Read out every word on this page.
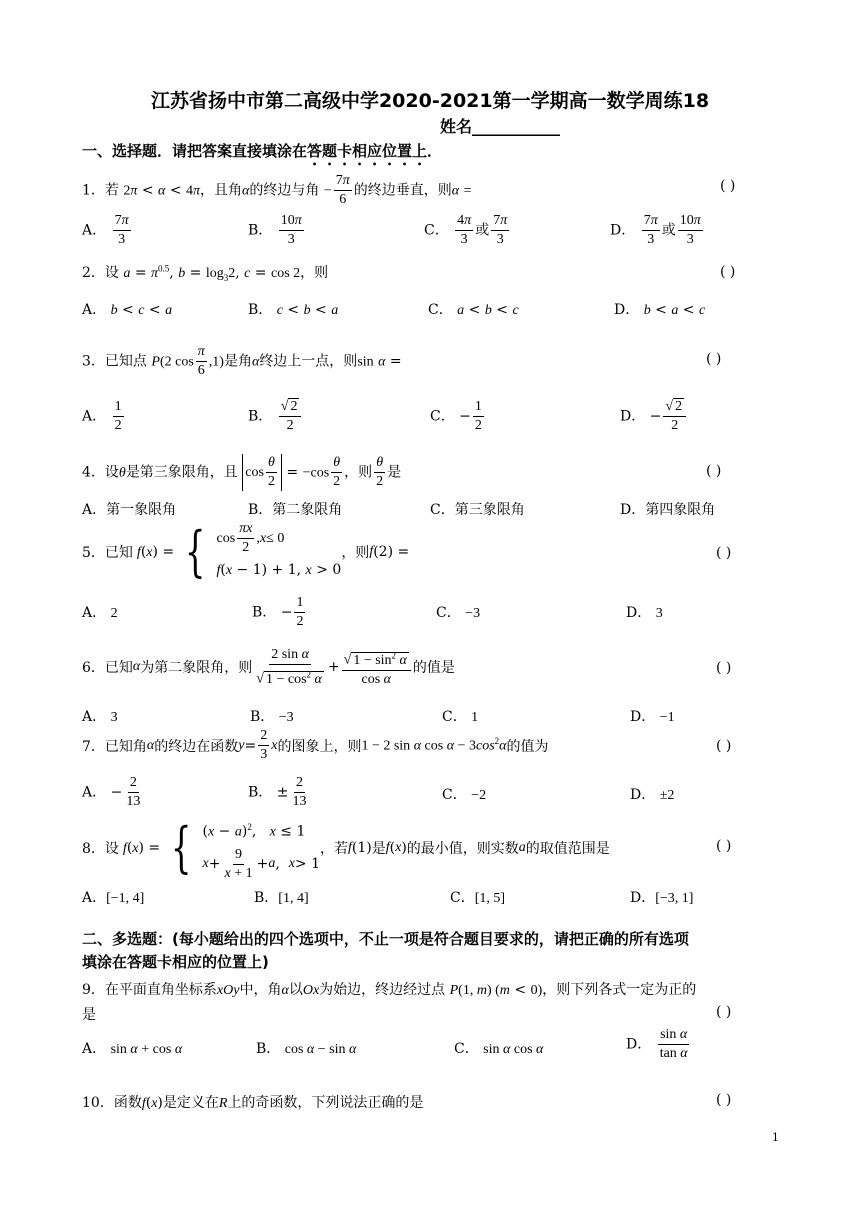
江苏省扬中市第二高级中学2020-2021第一学期高一数学周练18
姓名___________
一、选择题．请把答案直接填涂在答题卡相应位置上．
1．若 2π < α < 4π，且角α的终边与角 − $\frac{7\pi}{6}$ 的终边垂直，则α =	( )
A． $\frac{7\pi}{3}$	B． $\frac{10\pi}{3}$	C． $\frac{4\pi}{3}$ 或 $\frac{7\pi}{3}$	D． $\frac{7\pi}{3}$ 或 $\frac{10\pi}{3}$
2．设 $a = \pi^{0.5}$, $b = \log_32$, c = cos 2，则	( )
A． b < c < a	B． c < b < a	C． a < b < c	D． b < a < c
3．已知点 P(2 $\cos \frac{\pi}{6} ,1$)是角α终边上一点，则sin α =	( )
A． $\frac{1}{2}$	B． $\frac{√ 2}{2}$	C． − $\frac{1}{2}$	D． − $\frac{√ 2}{2}$
4．设θ是第三象限角，且 $\cos \frac{\theta}{2} = -\cos \frac{\theta}{2}$ ，则 $\frac{\theta}{2}$ 是	( )
A．第一象限角	B．第二象限角	C．第三象限角	D．第四象限角
5． 已知 f(x) = { $\cos \frac{\pi x}{2}$ , x ≤ 0
f(x − 1) + 1, x > 0
，则 f (2) =	( )
A． 2	B． − $\frac{1}{2}$	C． −3	D． 3
6． 已知 α 为第二象限角，则 $\frac{\text{2 sin α}}{√ 1 - \cos^2 \alpha} + \frac{√ 1 - \sin^2 \alpha}{\text{cos α}}$ 的值是	( )
A． 3	B． −3	C． 1	D． −1
7． 已知角 α 的终边在函数 $y = \frac{2}{3}$ x 的图象上，则 1 − 2 sin α $\cos \alpha - 3\cos^2\alpha$ 的值为	( )
A． − $\frac{2}{13}$	B． ± $\frac{2}{13}$	C． −2	D． ±2
8． 设 f(x) = { $(x - a)^2$,   x ≤ 1
$x + \frac{9}{x + 1} + a$ , x > 1
，若 f (1) 是 f ( x ) 的最小值，则实数 a 的取值范围是	( )
A．[−1, 4]	B．[1, 4]	C．[1, 5]	D．[−3, 1]
二、多选题：(每小题给出的四个选项中，不止一项是符合题目要求的，请把正确的所有选项
填涂在答题卡相应的位置上)
9．在平面直角坐标系xOy中，角α以Ox为始边，终边经过点 P(1, m) (m < 0)，则下列各式一定为正的
是	( )
A． sin α + cos α	B． cos α − sin α	C． sin α cos α	D． $\frac{\text{sin α}}{\text{tan α}}$
10．函数f(x)是定义在R上的奇函数，下列说法正确的是	( )
1
